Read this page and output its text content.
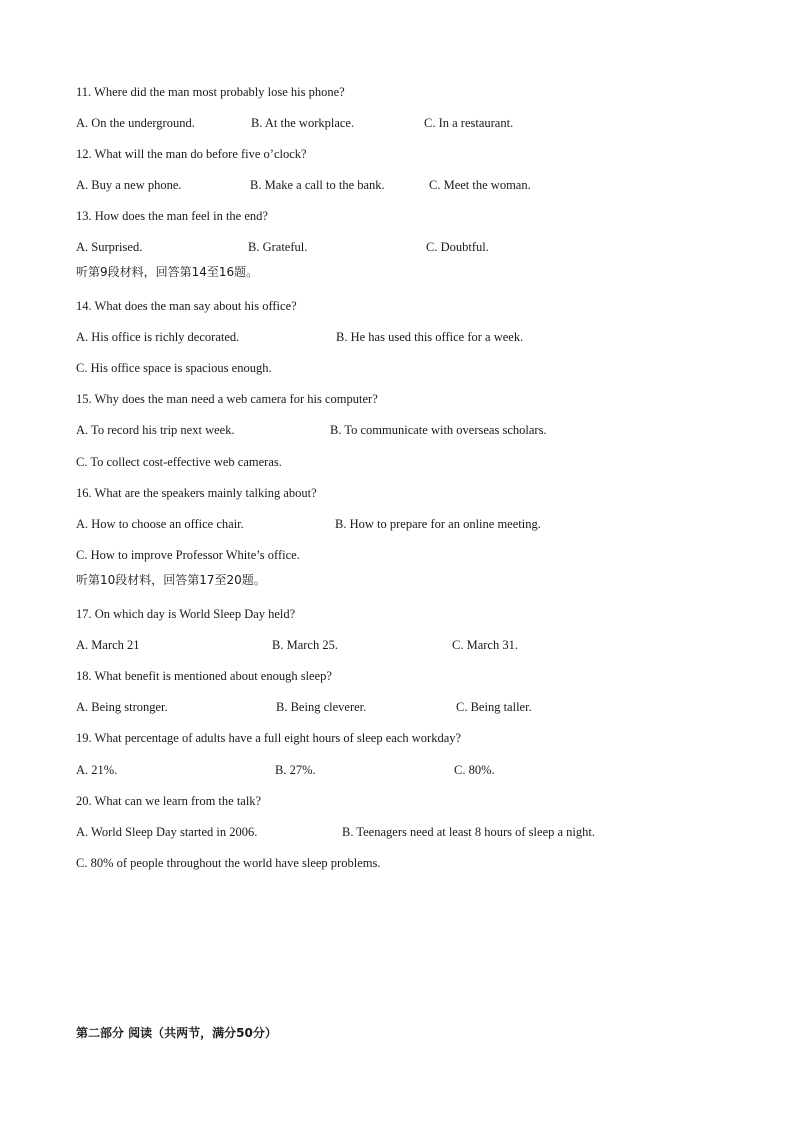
11. Where did the man most probably lose his phone?
A. On the underground.	B. At the workplace.	C. In a restaurant.
12. What will the man do before five o’clock?
A. Buy a new phone.	B. Make a call to the bank.	C. Meet the woman.
13. How does the man feel in the end?
A. Surprised.	B. Grateful.	C. Doubtful.
听第9段材料，回答第14至16题。
14. What does the man say about his office?
A. His office is richly decorated.	B. He has used this office for a week.
C. His office space is spacious enough.
15. Why does the man need a web camera for his computer?
A. To record his trip next week.	B. To communicate with overseas scholars.
C. To collect cost-effective web cameras.
16. What are the speakers mainly talking about?
A. How to choose an office chair.	B. How to prepare for an online meeting.
C. How to improve Professor White’s office.
听第10段材料，回答第17至20题。
17. On which day is World Sleep Day held?
A. March 21	B. March 25.	C. March 31.
18. What benefit is mentioned about enough sleep?
A. Being stronger.	B. Being cleverer.	C. Being taller.
19. What percentage of adults have a full eight hours of sleep each workday?
A. 21%.	B. 27%.	C. 80%.
20. What can we learn from the talk?
A. World Sleep Day started in 2006.	B. Teenagers need at least 8 hours of sleep a night.
C. 80% of people throughout the world have sleep problems.
第二部分 阅读（共两节，满分50分）
